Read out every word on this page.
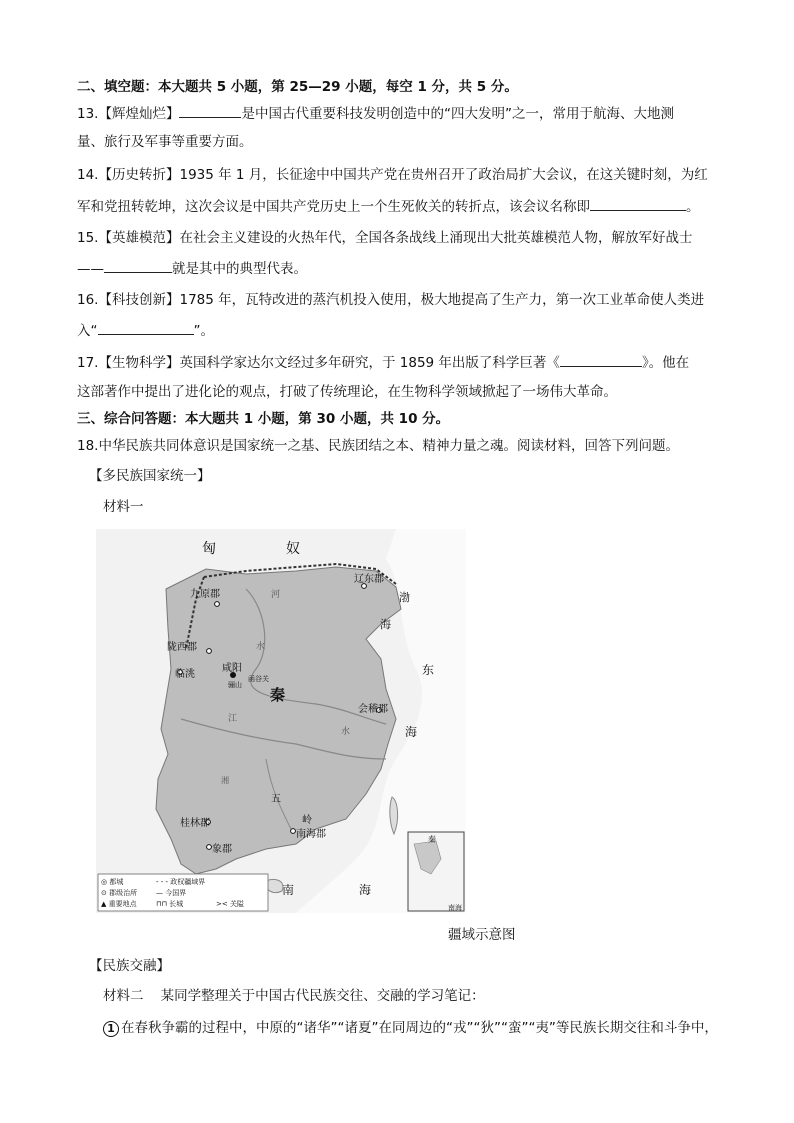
二、填空题：本大题共 5 小题，第 25—29 小题，每空 1 分，共 5 分。
13.【辉煌灿烂】	是中国古代重要科技发明创造中的“四大发明”之一，常用于航海、大地测
量、旅行及军事等重要方面。
14.【历史转折】1935 年 1 月，长征途中中国共产党在贵州召开了政治局扩大会议，在这关键时刻，为红
军和党扭转乾坤，这次会议是中国共产党历史上一个生死攸关的转折点，该会议名称即	。
15.【英雄模范】在社会主义建设的火热年代，全国各条战线上涌现出大批英雄模范人物，解放军好战士
——	就是其中的典型代表。
16.【科技创新】1785 年，瓦特改进的蒸汽机投入使用，极大地提高了生产力，第一次工业革命使人类进
入“	”。
17.【生物科学】英国科学家达尔文经过多年研究，于 1859 年出版了科学巨著《	》。他在
这部著作中提出了进化论的观点，打破了传统理论，在生物科学领域掀起了一场伟大革命。
三、综合问答题：本大题共 1 小题，第 30 小题，共 10 分。
18.中华民族共同体意识是国家统一之基、民族团结之本、精神力量之魂。阅读材料，回答下列问题。
【多民族国家统一】
材料一
匈	奴
辽东郡
九原郡
陇西郡
咸阳
临洮	函谷关
骊山
秦
会稽郡
五
岭
桂林郡
南海郡
象郡
河
水
江
水
渤
海
东
海
南	海
湘
秦
南海
◎ 都城	- - - 政权疆域界
⊙ 郡级治所	— 今国界
▲ 重要地点	⊓⊓ 长城	>< 关隘
疆域示意图
【民族交融】
材料二 某同学整理关于中国古代民族交往、交融的学习笔记：
1 在春秋争霸的过程中，中原的“诸华”“诸夏”在同周边的“戎”“狄”“蛮”“夷”等民族长期交往和斗争中，
